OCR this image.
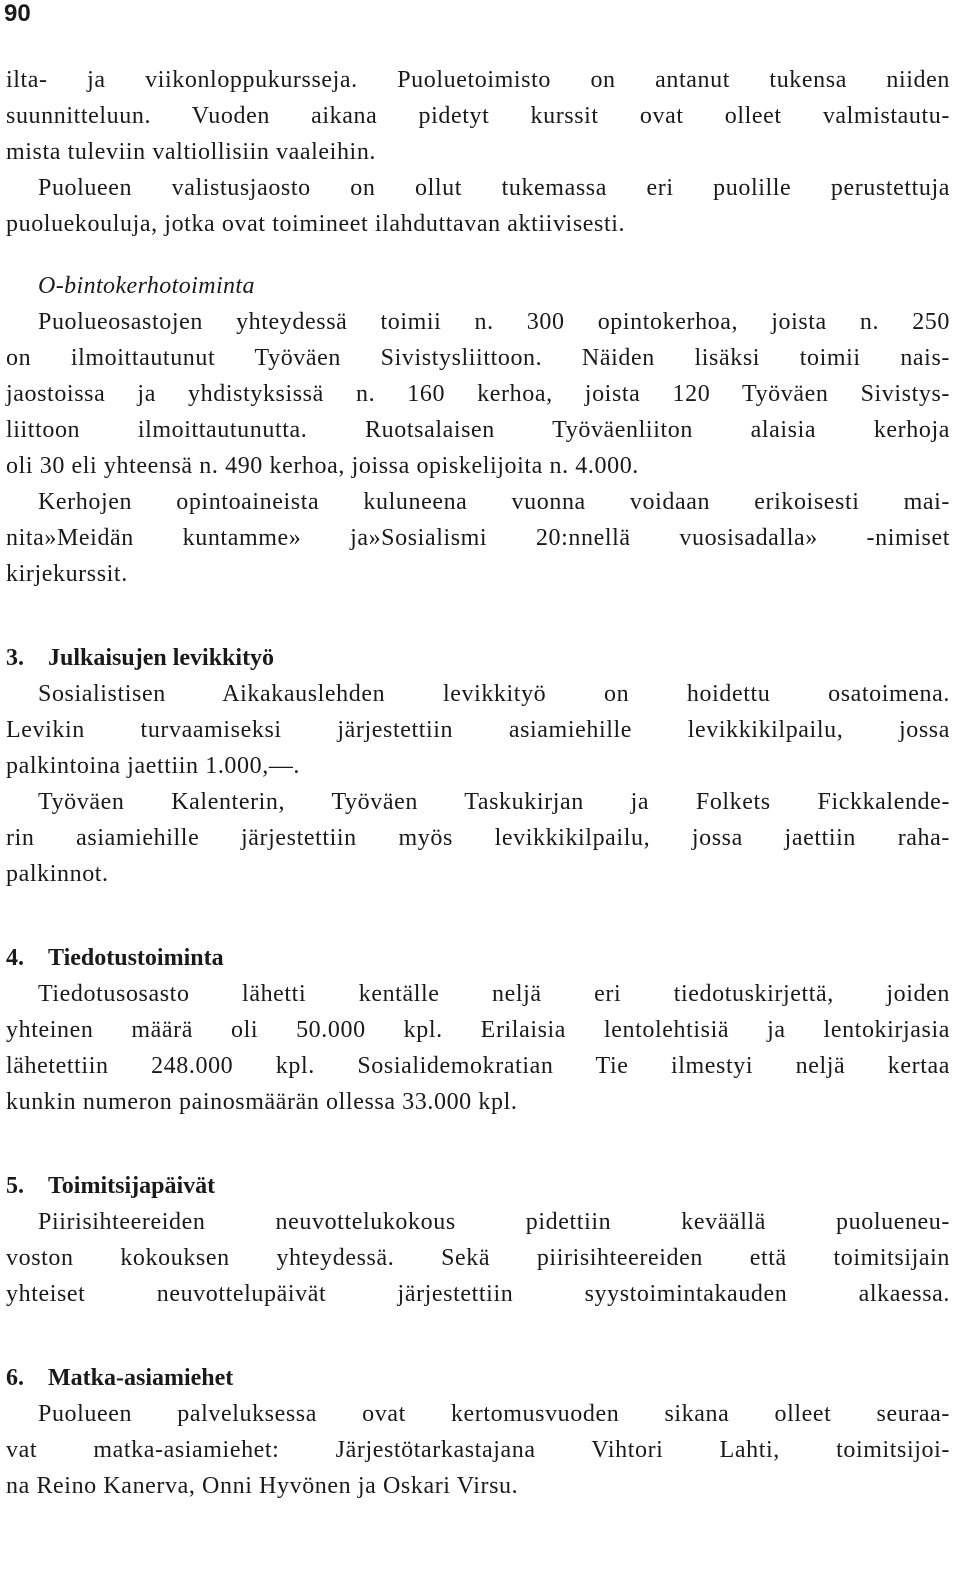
90
ilta- ja viikonloppukursseja. Puoluetoimisto on antanut tukensa niiden
suunnitteluun. Vuoden aikana pidetyt kurssit ovat olleet valmistautu-
mista tuleviin valtiollisiin vaaleihin.
Puolueen valistusjaosto on ollut tukemassa eri puolille perustettuja
puoluekouluja, jotka ovat toimineet ilahduttavan aktiivisesti.
O-bintokerhotoiminta
Puolueosastojen yhteydessä toimii n. 300 opintokerhoa, joista n. 250
on ilmoittautunut Työväen Sivistysliittoon. Näiden lisäksi toimii nais-
jaostoissa ja yhdistyksissä n. 160 kerhoa, joista 120 Työväen Sivistys-
liittoon ilmoittautunutta. Ruotsalaisen Työväenliiton alaisia kerhoja
oli 30 eli yhteensä n. 490 kerhoa, joissa opiskelijoita n. 4.000.
Kerhojen opintoaineista kuluneena vuonna voidaan erikoisesti mai-
nita»Meidän kuntamme» ja»Sosialismi 20:nnellä vuosisadalla» -nimiset
kirjekurssit.
3. Julkaisujen levikkityö
Sosialistisen Aikakauslehden levikkityö on hoidettu osatoimena.
Levikin turvaamiseksi järjestettiin asiamiehille levikkikilpailu, jossa
palkintoina jaettiin 1.000,—.
Työväen Kalenterin, Työväen Taskukirjan ja Folkets Fickkalende-
rin asiamiehille järjestettiin myös levikkikilpailu, jossa jaettiin raha-
palkinnot.
4. Tiedotustoiminta
Tiedotusosasto lähetti kentälle neljä eri tiedotuskirjettä, joiden
yhteinen määrä oli 50.000 kpl. Erilaisia lentolehtisiä ja lentokirjasia
lähetettiin 248.000 kpl. Sosialidemokratian Tie ilmestyi neljä kertaa
kunkin numeron painosmäärän ollessa 33.000 kpl.
5. Toimitsijapäivät
Piirisihteereiden neuvottelukokous pidettiin keväällä puolueneu-
voston kokouksen yhteydessä. Sekä piirisihteereiden että toimitsijain
yhteiset neuvottelupäivät järjestettiin syystoimintakauden alkaessa.
6. Matka-asiamiehet
Puolueen palveluksessa ovat kertomusvuoden sikana olleet seuraa-
vat matka-asiamiehet: Järjestötarkastajana Vihtori Lahti, toimitsijoi-
na Reino Kanerva, Onni Hyvönen ja Oskari Virsu.
